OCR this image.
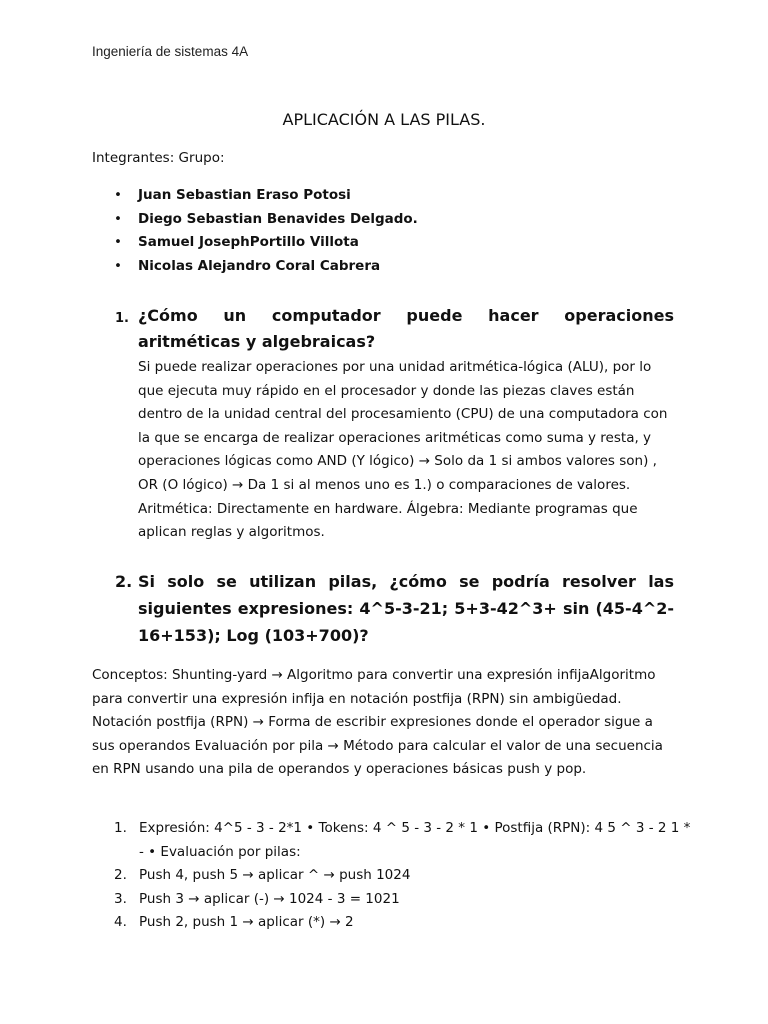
Ingeniería de sistemas 4A
APLICACIÓN A LAS PILAS.
Integrantes: Grupo:
• Juan Sebastian Eraso Potosi
• Diego Sebastian Benavides Delgado.
• Samuel JosephPortillo Villota
• Nicolas Alejandro Coral Cabrera
1. ¿Cómo un computador puede hacer operaciones aritméticas y algebraicas?
Si puede realizar operaciones por una unidad aritmética-lógica (ALU), por lo que ejecuta muy rápido en el procesador y donde las piezas claves están dentro de la unidad central del procesamiento (CPU) de una computadora con la que se encarga de realizar operaciones aritméticas como suma y resta, y operaciones lógicas como AND (Y lógico) → Solo da 1 si ambos valores son) , OR (O lógico) → Da 1 si al menos uno es 1.) o comparaciones de valores. Aritmética: Directamente en hardware. Álgebra: Mediante programas que aplican reglas y algoritmos.
2. Si solo se utilizan pilas, ¿cómo se podría resolver las siguientes expresiones: 4^5-3-21; 5+3-42^3+ sin (45-4^2-16+153); Log (103+700)?
Conceptos: Shunting-yard → Algoritmo para convertir una expresión infijaAlgoritmo para convertir una expresión infija en notación postfija (RPN) sin ambigüedad. Notación postfija (RPN) → Forma de escribir expresiones donde el operador sigue a sus operandos Evaluación por pila → Método para calcular el valor de una secuencia en RPN usando una pila de operandos y operaciones básicas push y pop.
1. Expresión: 4^5 - 3 - 2*1 • Tokens: 4 ^ 5 - 3 - 2 * 1 • Postfija (RPN): 4 5 ^ 3 - 2 1 * - • Evaluación por pilas:
2. Push 4, push 5 → aplicar ^ → push 1024
3. Push 3 → aplicar (-) → 1024 - 3 = 1021
4. Push 2, push 1 → aplicar (*) → 2
